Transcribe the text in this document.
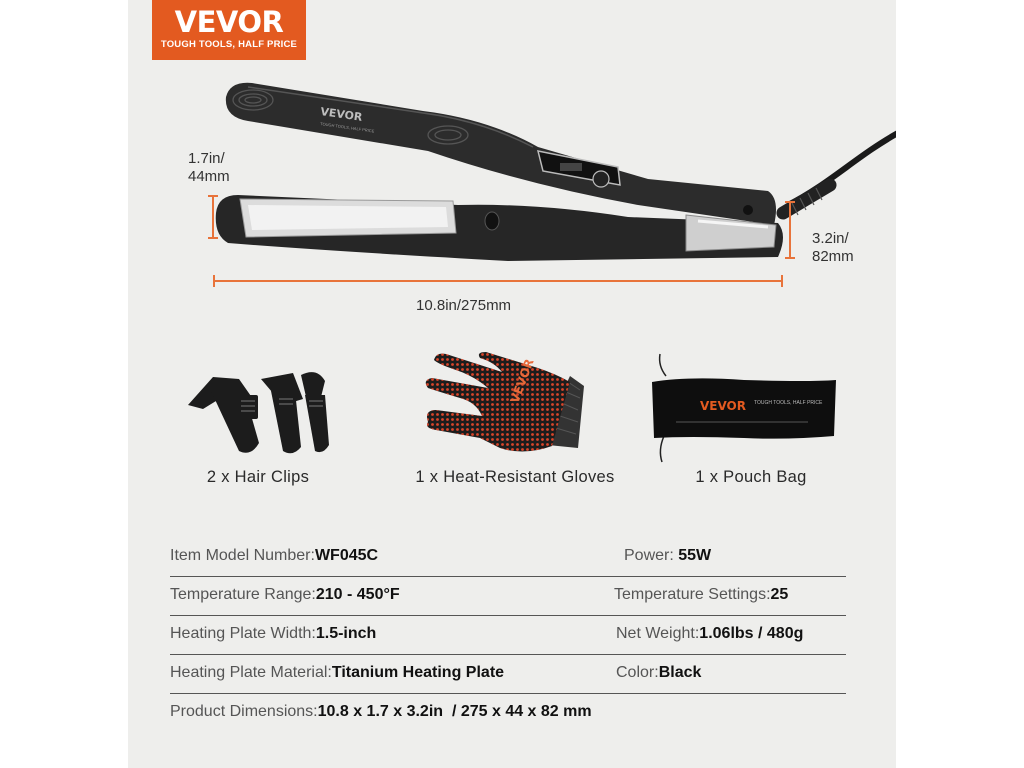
VEVOR
TOUGH TOOLS, HALF PRICE
VEVOR
TOUGH TOOLS, HALF PRICE
1.7in/
44mm
3.2in/
82mm
10.8in/275mm
VEVOR
VEVOR TOUGH TOOLS, HALF PRICE
2 x Hair Clips	1 x Heat-Resistant Gloves	1 x Pouch Bag
Item Model Number:WF045C	Power: 55W
Temperature Range:210 - 450°F	Temperature Settings:25
Heating Plate Width:1.5-inch	Net Weight:1.06lbs / 480g
Heating Plate Material:Titanium Heating Plate	Color:Black
Product Dimensions:10.8 x 1.7 x 3.2in  / 275 x 44 x 82 mm
